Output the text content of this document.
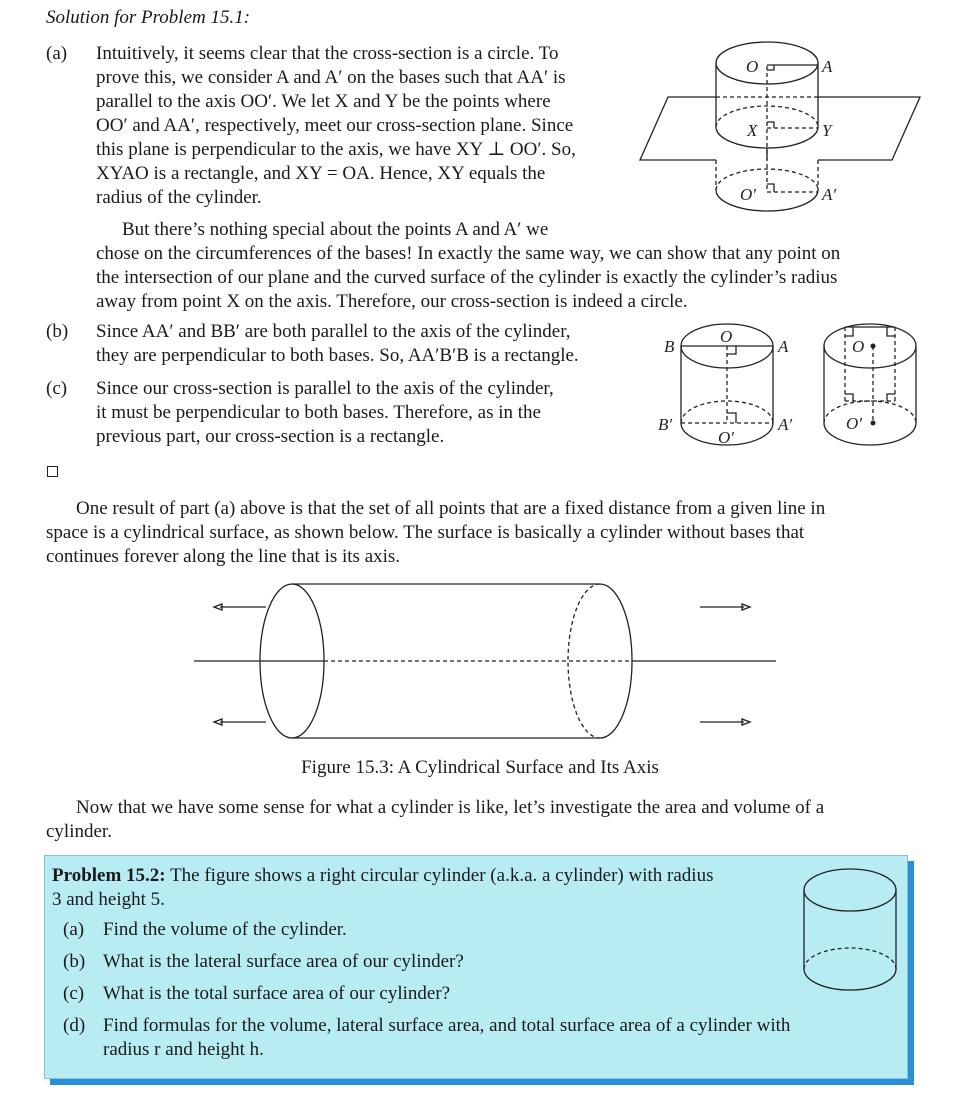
Solution for Problem 15.1:
(a) Intuitively, it seems clear that the cross-section is a circle. To
prove this, we consider A and A′ on the bases such that AA′ is
parallel to the axis OO′. We let X and Y be the points where
OO′ and AA′, respectively, meet our cross-section plane. Since
this plane is perpendicular to the axis, we have XY ⊥ OO′. So,
XYAO is a rectangle, and XY = OA. Hence, XY equals the
radius of the cylinder.
But there’s nothing special about the points A and A′ we
chose on the circumferences of the bases! In exactly the same way, we can show that any point on
the intersection of our plane and the curved surface of the cylinder is exactly the cylinder’s radius
away from point X on the axis. Therefore, our cross-section is indeed a circle.
O	A
X	Y
O′	A′
(b) Since AA′ and BB′ are both parallel to the axis of the cylinder,
they are perpendicular to both bases. So, AA′B′B is a rectangle.
(c) Since our cross-section is parallel to the axis of the cylinder,
it must be perpendicular to both bases. Therefore, as in the
previous part, our cross-section is a rectangle.
O
B	A
B′	A′
O′
O
O′
One result of part (a) above is that the set of all points that are a fixed distance from a given line in
space is a cylindrical surface, as shown below. The surface is basically a cylinder without bases that
continues forever along the line that is its axis.
Figure 15.3: A Cylindrical Surface and Its Axis
Now that we have some sense for what a cylinder is like, let’s investigate the area and volume of a
cylinder.
Problem 15.2: The figure shows a right circular cylinder (a.k.a. a cylinder) with radius
3 and height 5.
(a) Find the volume of the cylinder.
(b) What is the lateral surface area of our cylinder?
(c) What is the total surface area of our cylinder?
(d) Find formulas for the volume, lateral surface area, and total surface area of a cylinder with
radius r and height h.
